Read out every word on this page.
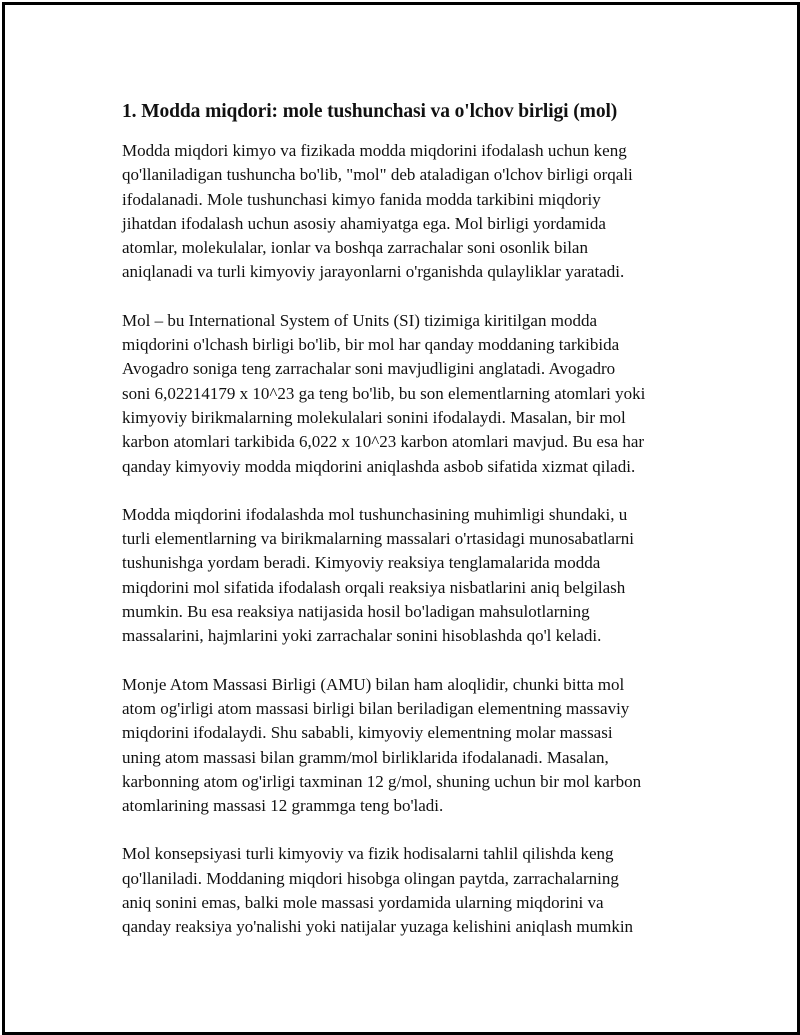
1. Modda miqdori: mole tushunchasi va o'lchov birligi (mol)
Modda miqdori kimyo va fizikada modda miqdorini ifodalash uchun keng
qo'llaniladigan tushuncha bo'lib, "mol" deb ataladigan o'lchov birligi orqali
ifodalanadi. Mole tushunchasi kimyo fanida modda tarkibini miqdoriy
jihatdan ifodalash uchun asosiy ahamiyatga ega. Mol birligi yordamida
atomlar, molekulalar, ionlar va boshqa zarrachalar soni osonlik bilan
aniqlanadi va turli kimyoviy jarayonlarni o'rganishda qulayliklar yaratadi.
Mol – bu International System of Units (SI) tizimiga kiritilgan modda
miqdorini o'lchash birligi bo'lib, bir mol har qanday moddaning tarkibida
Avogadro soniga teng zarrachalar soni mavjudligini anglatadi. Avogadro
soni 6,02214179 x 10^23 ga teng bo'lib, bu son elementlarning atomlari yoki
kimyoviy birikmalarning molekulalari sonini ifodalaydi. Masalan, bir mol
karbon atomlari tarkibida 6,022 x 10^23 karbon atomlari mavjud. Bu esa har
qanday kimyoviy modda miqdorini aniqlashda asbob sifatida xizmat qiladi.
Modda miqdorini ifodalashda mol tushunchasining muhimligi shundaki, u
turli elementlarning va birikmalarning massalari o'rtasidagi munosabatlarni
tushunishga yordam beradi. Kimyoviy reaksiya tenglamalarida modda
miqdorini mol sifatida ifodalash orqali reaksiya nisbatlarini aniq belgilash
mumkin. Bu esa reaksiya natijasida hosil bo'ladigan mahsulotlarning
massalarini, hajmlarini yoki zarrachalar sonini hisoblashda qo'l keladi.
Monje Atom Massasi Birligi (AMU) bilan ham aloqlidir, chunki bitta mol
atom og'irligi atom massasi birligi bilan beriladigan elementning massaviy
miqdorini ifodalaydi. Shu sababli, kimyoviy elementning molar massasi
uning atom massasi bilan gramm/mol birliklarida ifodalanadi. Masalan,
karbonning atom og'irligi taxminan 12 g/mol, shuning uchun bir mol karbon
atomlarining massasi 12 grammga teng bo'ladi.
Mol konsepsiyasi turli kimyoviy va fizik hodisalarni tahlil qilishda keng
qo'llaniladi. Moddaning miqdori hisobga olingan paytda, zarrachalarning
aniq sonini emas, balki mole massasi yordamida ularning miqdorini va
qanday reaksiya yo'nalishi yoki natijalar yuzaga kelishini aniqlash mumkin
